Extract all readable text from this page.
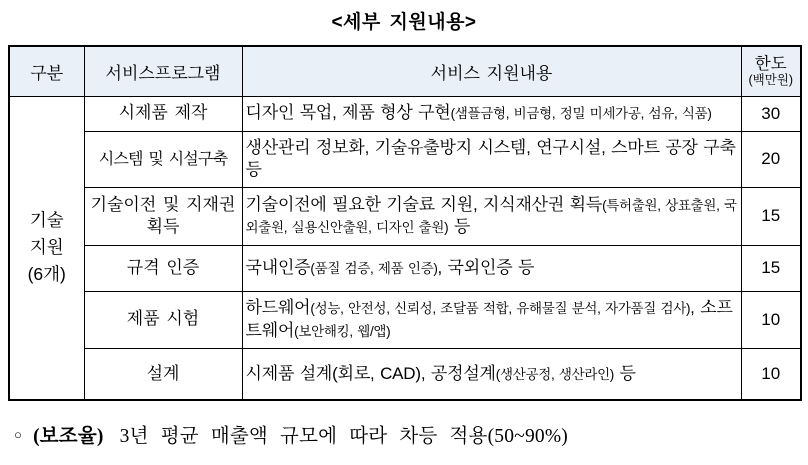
<세부 지원내용>
구분	서비스프로그램	서비스 지원내용	한도
(백만원)

기술
지원
(6개)	시제품 제작	디자인 목업, 제품 형상 구현(샘플금형, 비금형, 정밀 미세가공, 섬유, 식품)	30
	시스템 및 시설구축	생산관리 정보화, 기술유출방지 시스템, 연구시설, 스마트 공장 구축 등	20
	기술이전 및 지재권 획득	기술이전에 필요한 기술료 지원, 지식재산권 획득(특허출원, 상표출원, 국외출원, 실용신안출원, 디자인 출원) 등	15
	규격 인증	국내인증(품질 검증, 제품 인증), 국외인증 등	15
	제품 시험	하드웨어(성능, 안전성, 신뢰성, 조달품 적합, 유해물질 분석, 자가품질 검사), 소프트웨어(보안해킹, 웹/앱)	10
	설계	시제품 설계(회로, CAD), 공정설계(생산공정, 생산라인) 등	10
○ (보조율) 3년 평균 매출액 규모에 따라 차등 적용(50~90%)
